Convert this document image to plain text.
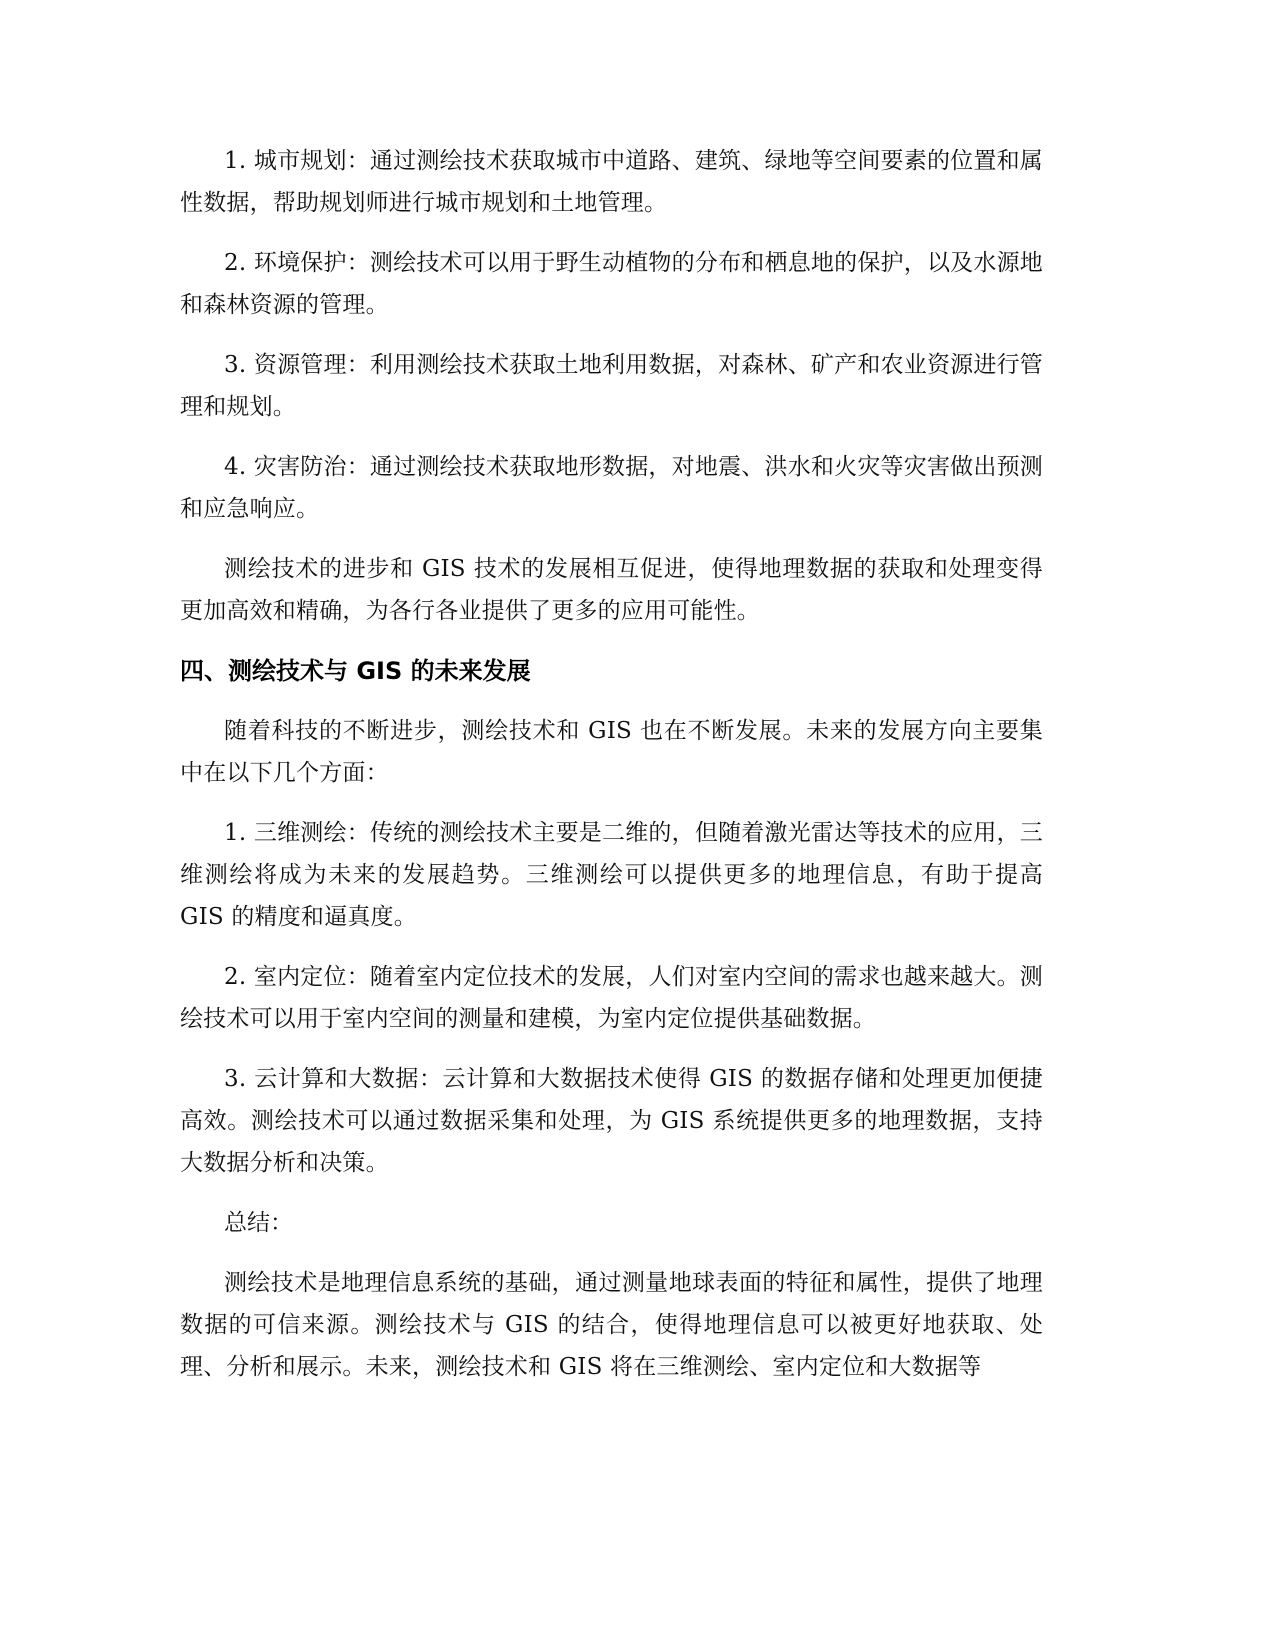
1. 城市规划：通过测绘技术获取城市中道路、建筑、绿地等空间要素的位置和属性数据，帮助规划师进行城市规划和土地管理。

2. 环境保护：测绘技术可以用于野生动植物的分布和栖息地的保护，以及水源地和森林资源的管理。

3. 资源管理：利用测绘技术获取土地利用数据，对森林、矿产和农业资源进行管理和规划。

4. 灾害防治：通过测绘技术获取地形数据，对地震、洪水和火灾等灾害做出预测和应急响应。

测绘技术的进步和 GIS 技术的发展相互促进，使得地理数据的获取和处理变得更加高效和精确，为各行各业提供了更多的应用可能性。

四、测绘技术与 GIS 的未来发展

随着科技的不断进步，测绘技术和 GIS 也在不断发展。未来的发展方向主要集中在以下几个方面：

1. 三维测绘：传统的测绘技术主要是二维的，但随着激光雷达等技术的应用，三维测绘将成为未来的发展趋势。三维测绘可以提供更多的地理信息，有助于提高 GIS 的精度和逼真度。

2. 室内定位：随着室内定位技术的发展，人们对室内空间的需求也越来越大。测绘技术可以用于室内空间的测量和建模，为室内定位提供基础数据。

3. 云计算和大数据：云计算和大数据技术使得 GIS 的数据存储和处理更加便捷高效。测绘技术可以通过数据采集和处理，为 GIS 系统提供更多的地理数据，支持大数据分析和决策。

总结：

测绘技术是地理信息系统的基础，通过测量地球表面的特征和属性，提供了地理数据的可信来源。测绘技术与 GIS 的结合，使得地理信息可以被更好地获取、处理、分析和展示。未来，测绘技术和 GIS 将在三维测绘、室内定位和大数据等
